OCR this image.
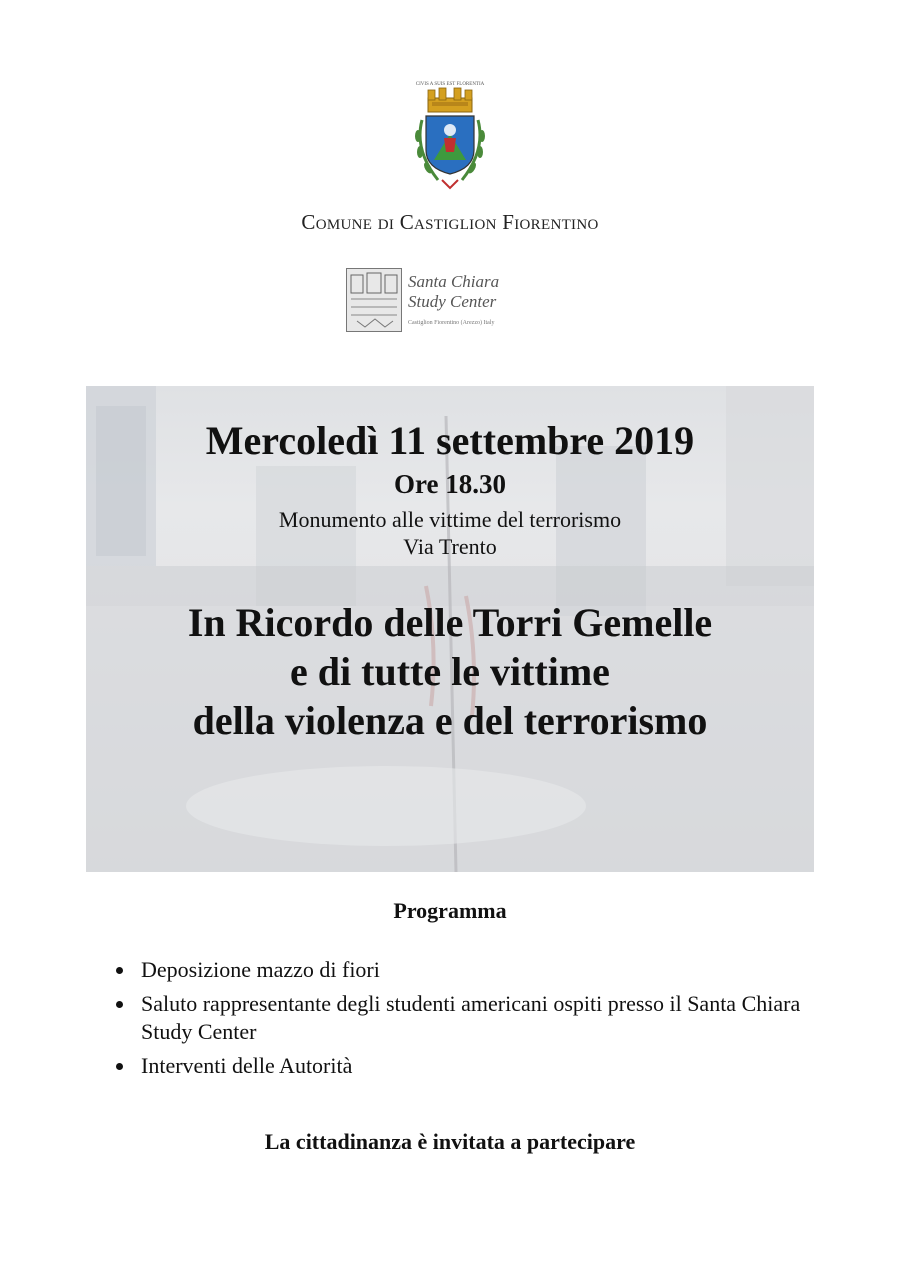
CIVIS A SUIS EST FLORENTIA
Comune di Castiglion Fiorentino
Santa Chiara
Study Center
Castiglion Fiorentino (Arezzo) Italy
Mercoledì 11 settembre 2019
Ore 18.30
Monumento alle vittime del terrorismo
Via Trento
In Ricordo delle Torri Gemelle
e di tutte le vittime
della violenza e del terrorismo
Programma
Deposizione mazzo di fiori
Saluto rappresentante degli studenti americani ospiti presso il Santa Chiara Study Center
Interventi delle Autorità
La cittadinanza è invitata a partecipare
